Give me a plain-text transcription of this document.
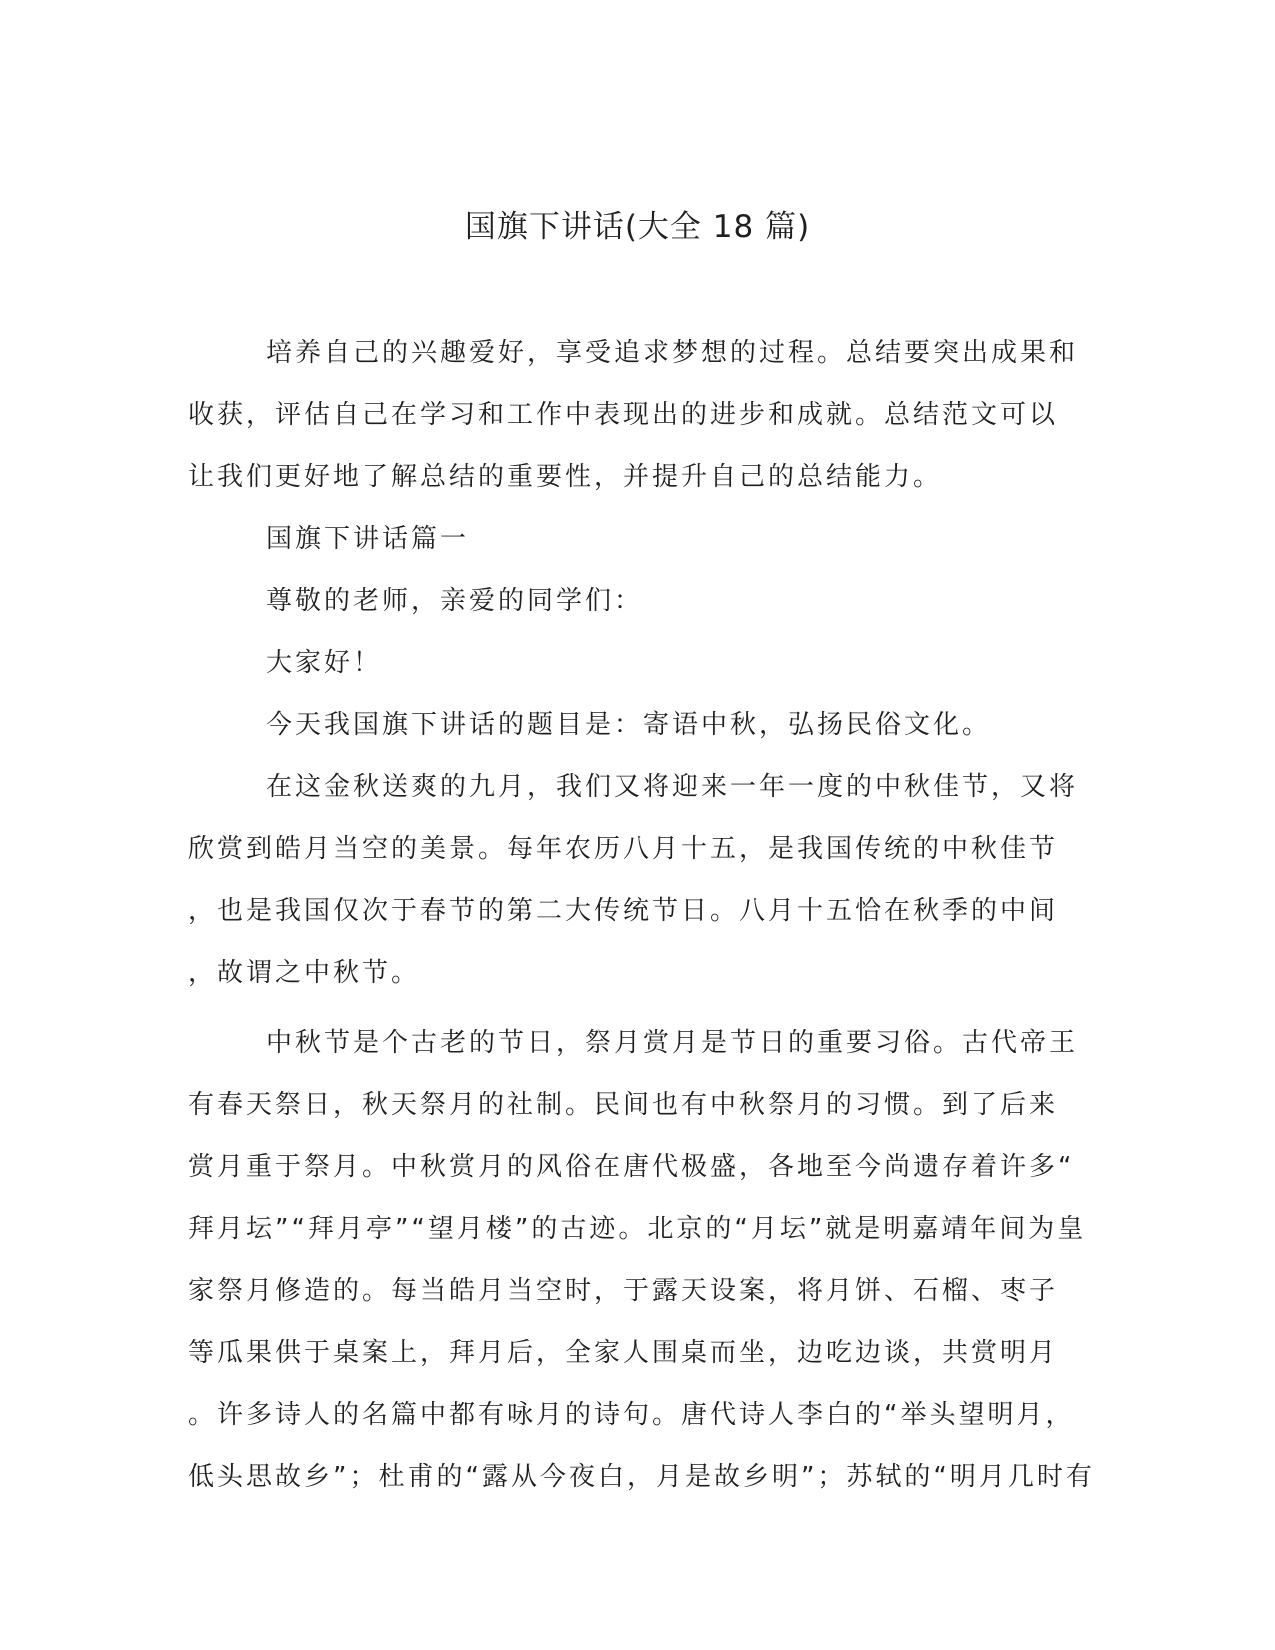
国旗下讲话(大全 18 篇)
培养自己的兴趣爱好，享受追求梦想的过程。总结要突出成果和
收获，评估自己在学习和工作中表现出的进步和成就。总结范文可以
让我们更好地了解总结的重要性，并提升自己的总结能力。
国旗下讲话篇一
尊敬的老师，亲爱的同学们：
大家好！
今天我国旗下讲话的题目是：寄语中秋，弘扬民俗文化。
在这金秋送爽的九月，我们又将迎来一年一度的中秋佳节，又将
欣赏到皓月当空的美景。每年农历八月十五，是我国传统的中秋佳节
，也是我国仅次于春节的第二大传统节日。八月十五恰在秋季的中间
，故谓之中秋节。
中秋节是个古老的节日，祭月赏月是节日的重要习俗。古代帝王
有春天祭日，秋天祭月的社制。民间也有中秋祭月的习惯。到了后来
赏月重于祭月。中秋赏月的风俗在唐代极盛，各地至今尚遗存着许多“
拜月坛”“拜月亭”“望月楼”的古迹。北京的“月坛”就是明嘉靖年间为皇
家祭月修造的。每当皓月当空时，于露天设案，将月饼、石榴、枣子
等瓜果供于桌案上，拜月后，全家人围桌而坐，边吃边谈，共赏明月
。许多诗人的名篇中都有咏月的诗句。唐代诗人李白的“举头望明月，
低头思故乡”；杜甫的“露从今夜白，月是故乡明”；苏轼的“明月几时有
